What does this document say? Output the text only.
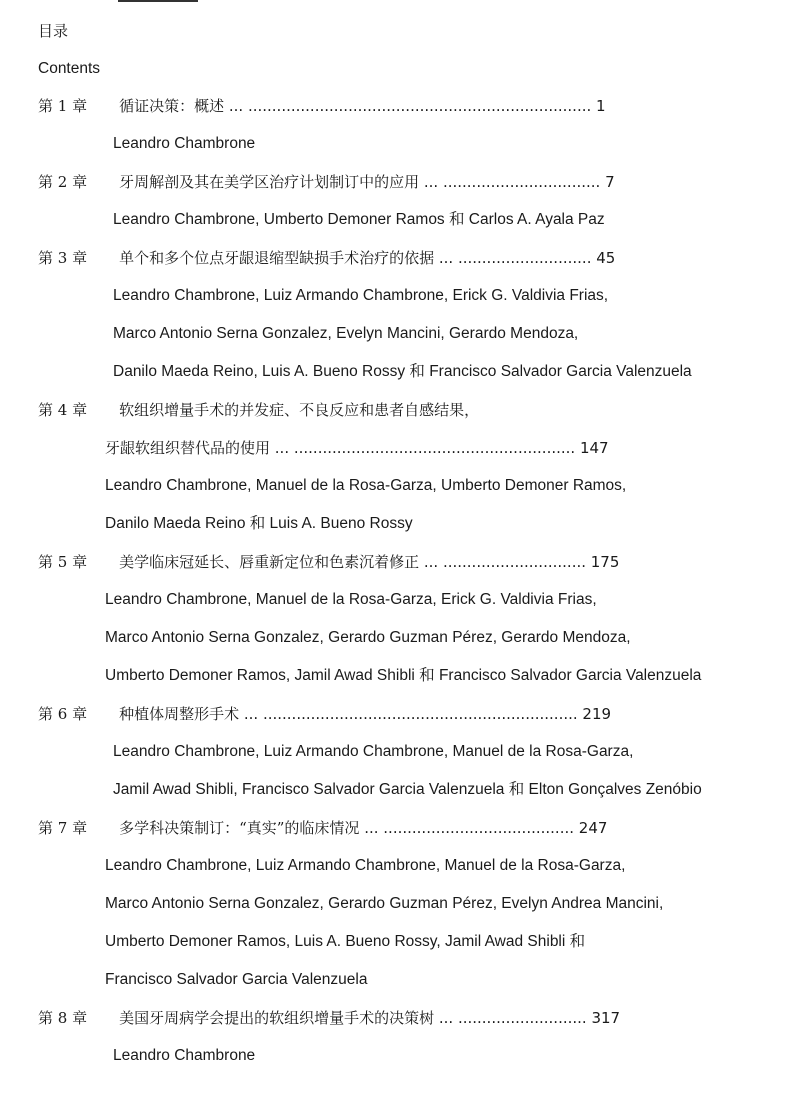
目录
Contents
第 1 章 循证决策：概述 ... ........................................................................ 1
Leandro Chambrone
第 2 章 牙周解剖及其在美学区治疗计划制订中的应用 ... ................................. 7
Leandro Chambrone, Umberto Demoner Ramos 和 Carlos A. Ayala Paz
第 3 章 单个和多个位点牙龈退缩型缺损手术治疗的依据 ... ............................ 45
Leandro Chambrone, Luiz Armando Chambrone, Erick G. Valdivia Frias,
Marco Antonio Serna Gonzalez, Evelyn Mancini, Gerardo Mendoza,
Danilo Maeda Reino, Luis A. Bueno Rossy 和 Francisco Salvador Garcia Valenzuela
第 4 章 软组织增量手术的并发症、不良反应和患者自感结果，
牙龈软组织替代品的使用 ... ........................................................... 147
Leandro Chambrone, Manuel de la Rosa-Garza, Umberto Demoner Ramos,
Danilo Maeda Reino 和 Luis A. Bueno Rossy
第 5 章 美学临床冠延长、唇重新定位和色素沉着修正 ... .............................. 175
Leandro Chambrone, Manuel de la Rosa-Garza, Erick G. Valdivia Frias,
Marco Antonio Serna Gonzalez, Gerardo Guzman Pérez, Gerardo Mendoza,
Umberto Demoner Ramos, Jamil Awad Shibli 和 Francisco Salvador Garcia Valenzuela
第 6 章 种植体周整形手术 ... .................................................................. 219
Leandro Chambrone, Luiz Armando Chambrone, Manuel de la Rosa-Garza,
Jamil Awad Shibli, Francisco Salvador Garcia Valenzuela 和 Elton Gonçalves Zenóbio
第 7 章 多学科决策制订：“真实”的临床情况 ... ........................................ 247
Leandro Chambrone, Luiz Armando Chambrone, Manuel de la Rosa-Garza,
Marco Antonio Serna Gonzalez, Gerardo Guzman Pérez, Evelyn Andrea Mancini,
Umberto Demoner Ramos, Luis A. Bueno Rossy, Jamil Awad Shibli 和
Francisco Salvador Garcia Valenzuela
第 8 章 美国牙周病学会提出的软组织增量手术的决策树 ... ........................... 317
Leandro Chambrone
